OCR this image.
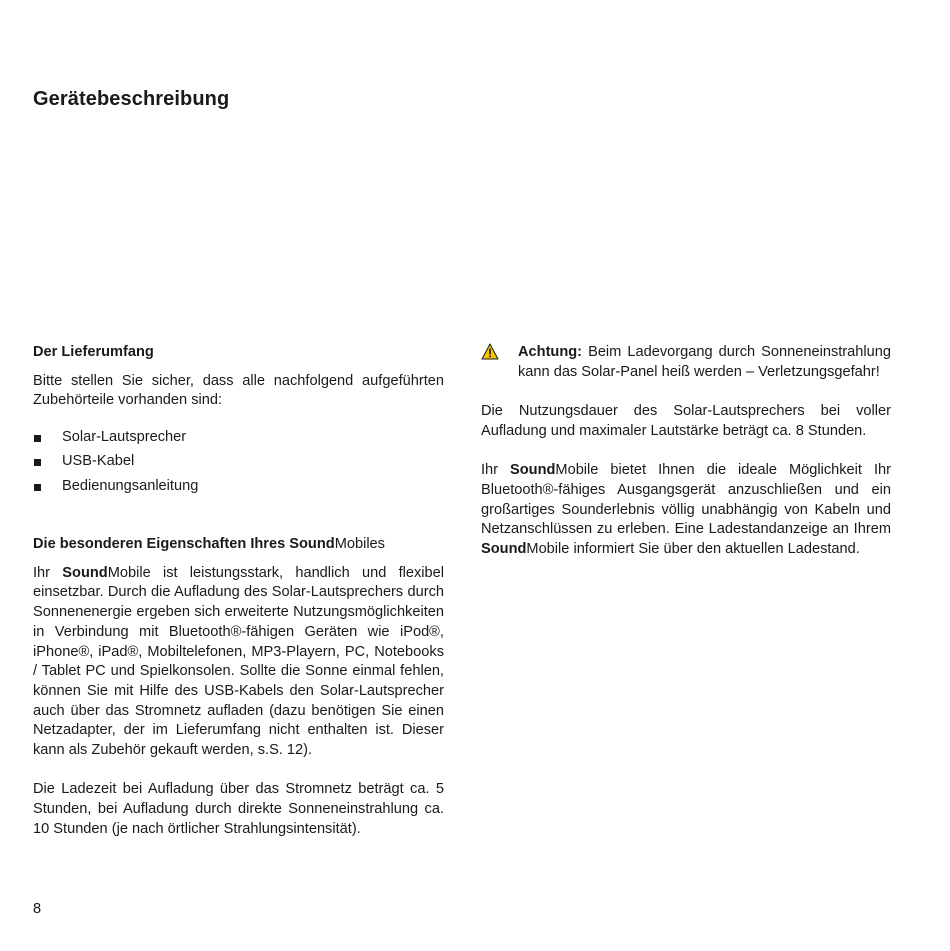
Gerätebeschreibung
Der Lieferumfang

Bitte stellen Sie sicher, dass alle nachfolgend aufgeführten Zubehörteile vorhanden sind:

Solar-Lautsprecher
USB-Kabel
Bedienungsanleitung
Die besonderen Eigenschaften Ihres SoundMobiles

Ihr SoundMobile ist leistungsstark, handlich und flexibel einsetzbar. Durch die Aufladung des Solar-Lautsprechers durch Sonnenenergie ergeben sich erweiterte Nutzungsmöglichkeiten in Verbindung mit Bluetooth®-fähigen Geräten wie iPod®, iPhone®, iPad®, Mobiltelefonen, MP3-Playern, PC, Notebooks / Tablet PC und Spielkonsolen. Sollte die Sonne einmal fehlen, können Sie mit Hilfe des USB-Kabels den Solar-Lautsprecher auch über das Stromnetz aufladen (dazu benötigen Sie einen Netzadapter, der im Lieferumfang nicht enthalten ist. Dieser kann als Zubehör gekauft werden, s.S. 12).

Die Ladezeit bei Aufladung über das Stromnetz beträgt ca. 5 Stunden, bei Aufladung durch direkte Sonneneinstrahlung ca. 10 Stunden (je nach örtlicher Strahlungsintensität).

Achtung: Beim Ladevorgang durch Sonneneinstrahlung kann das Solar-Panel heiß werden – Verletzungsgefahr!

Die Nutzungsdauer des Solar-Lautsprechers bei voller Aufladung und maximaler Lautstärke beträgt ca. 8 Stunden.

Ihr SoundMobile bietet Ihnen die ideale Möglichkeit Ihr Bluetooth®-fähiges Ausgangsgerät anzuschließen und ein großartiges Sounderlebnis völlig unabhängig von Kabeln und Netzanschlüssen zu erleben. Eine Ladestandanzeige an Ihrem SoundMobile informiert Sie über den aktuellen Ladestand.

8
